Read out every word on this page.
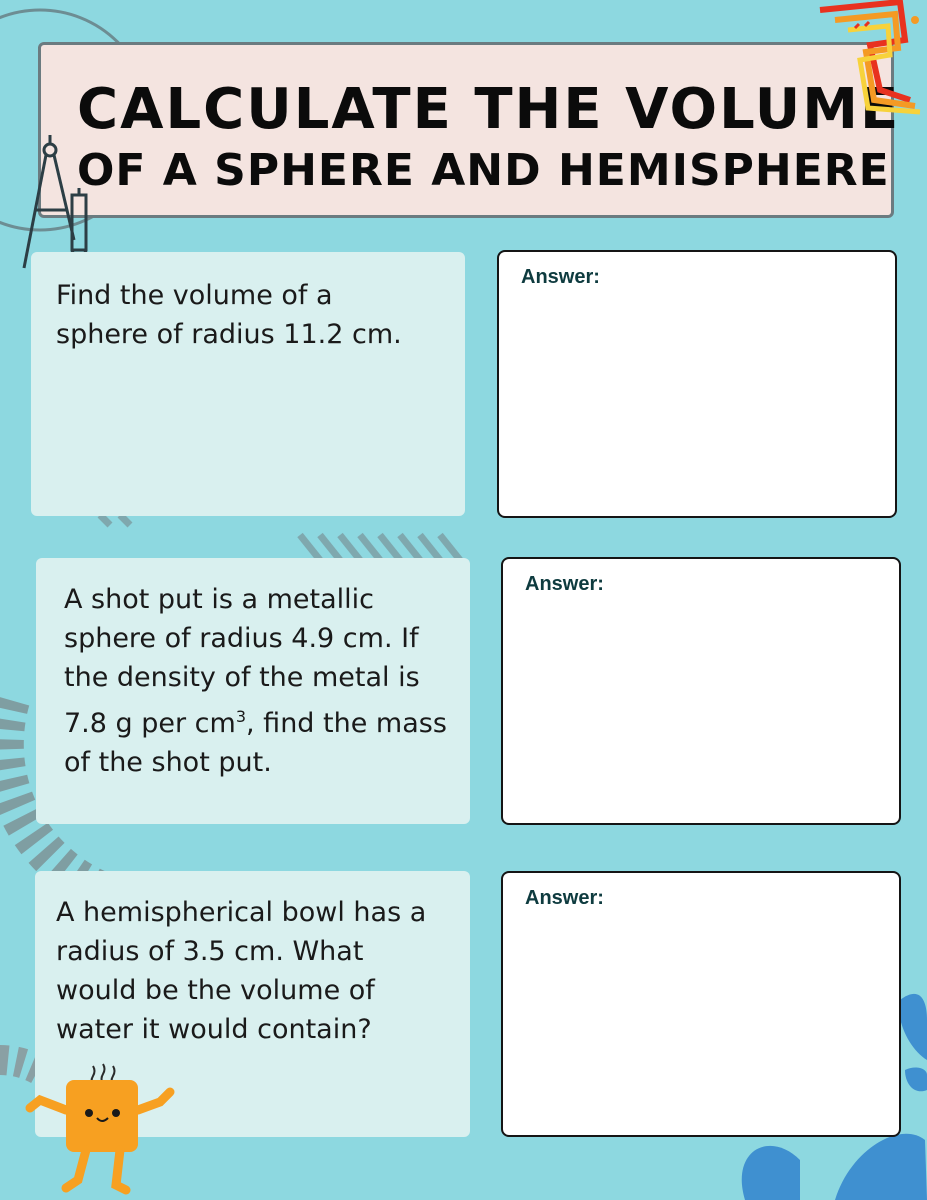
CALCULATE THE VOLUME
OF A SPHERE AND HEMISPHERE
Find the volume of a
sphere of radius 11.2 cm.
Answer:
A shot put is a metallic
sphere of radius 4.9 cm. If
the density of the metal is
7.8 g per $cm^3$, find the mass
of the shot put.
Answer:
A hemispherical bowl has a
radius of 3.5 cm. What
would be the volume of
water it would contain?
Answer:
